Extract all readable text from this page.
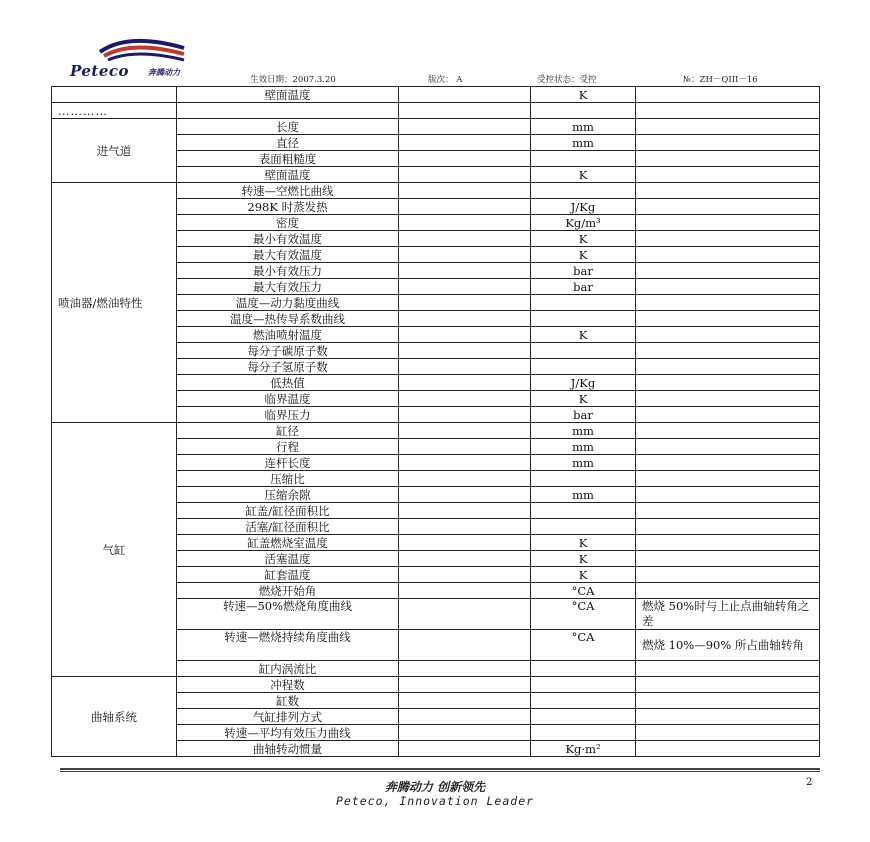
Peteco 奔腾动力
生效日期：2007.3.20	版次： A	受控状态：受控	№：ZH－QIII－16
	壁面温度		K	
…………				
进气道	长度		mm	
	直径		mm	
	表面粗糙度			
	壁面温度		K	
喷油器/燃油特性	转速—空燃比曲线			
	298K 时蒸发热		J/Kg	
	密度		Kg/m³	
	最小有效温度		K	
	最大有效温度		K	
	最小有效压力		bar	
	最大有效压力		bar	
	温度—动力黏度曲线			
	温度—热传导系数曲线			
	燃油喷射温度		K	
	每分子碳原子数			
	每分子氢原子数			
	低热值		J/Kg	
	临界温度		K	
	临界压力		bar	
气缸	缸径		mm	
	行程		mm	
	连杆长度		mm	
	压缩比			
	压缩余隙		mm	
	缸盖/缸径面积比			
	活塞/缸径面积比			
	缸盖燃烧室温度		K	
	活塞温度		K	
	缸套温度		K	
	燃烧开始角		°CA	
	转速—50%燃烧角度曲线		°CA	燃烧 50%时与上止点曲轴转角之差
	转速—燃烧持续角度曲线		°CA	燃烧 10%—90% 所占曲轴转角
	缸内涡流比			
曲轴系统	冲程数			
	缸数			
	气缸排列方式			
	转速—平均有效压力曲线			
	曲轴转动惯量		Kg·m²	
奔腾动力 创新领先
Peteco, Innovation Leader
2
